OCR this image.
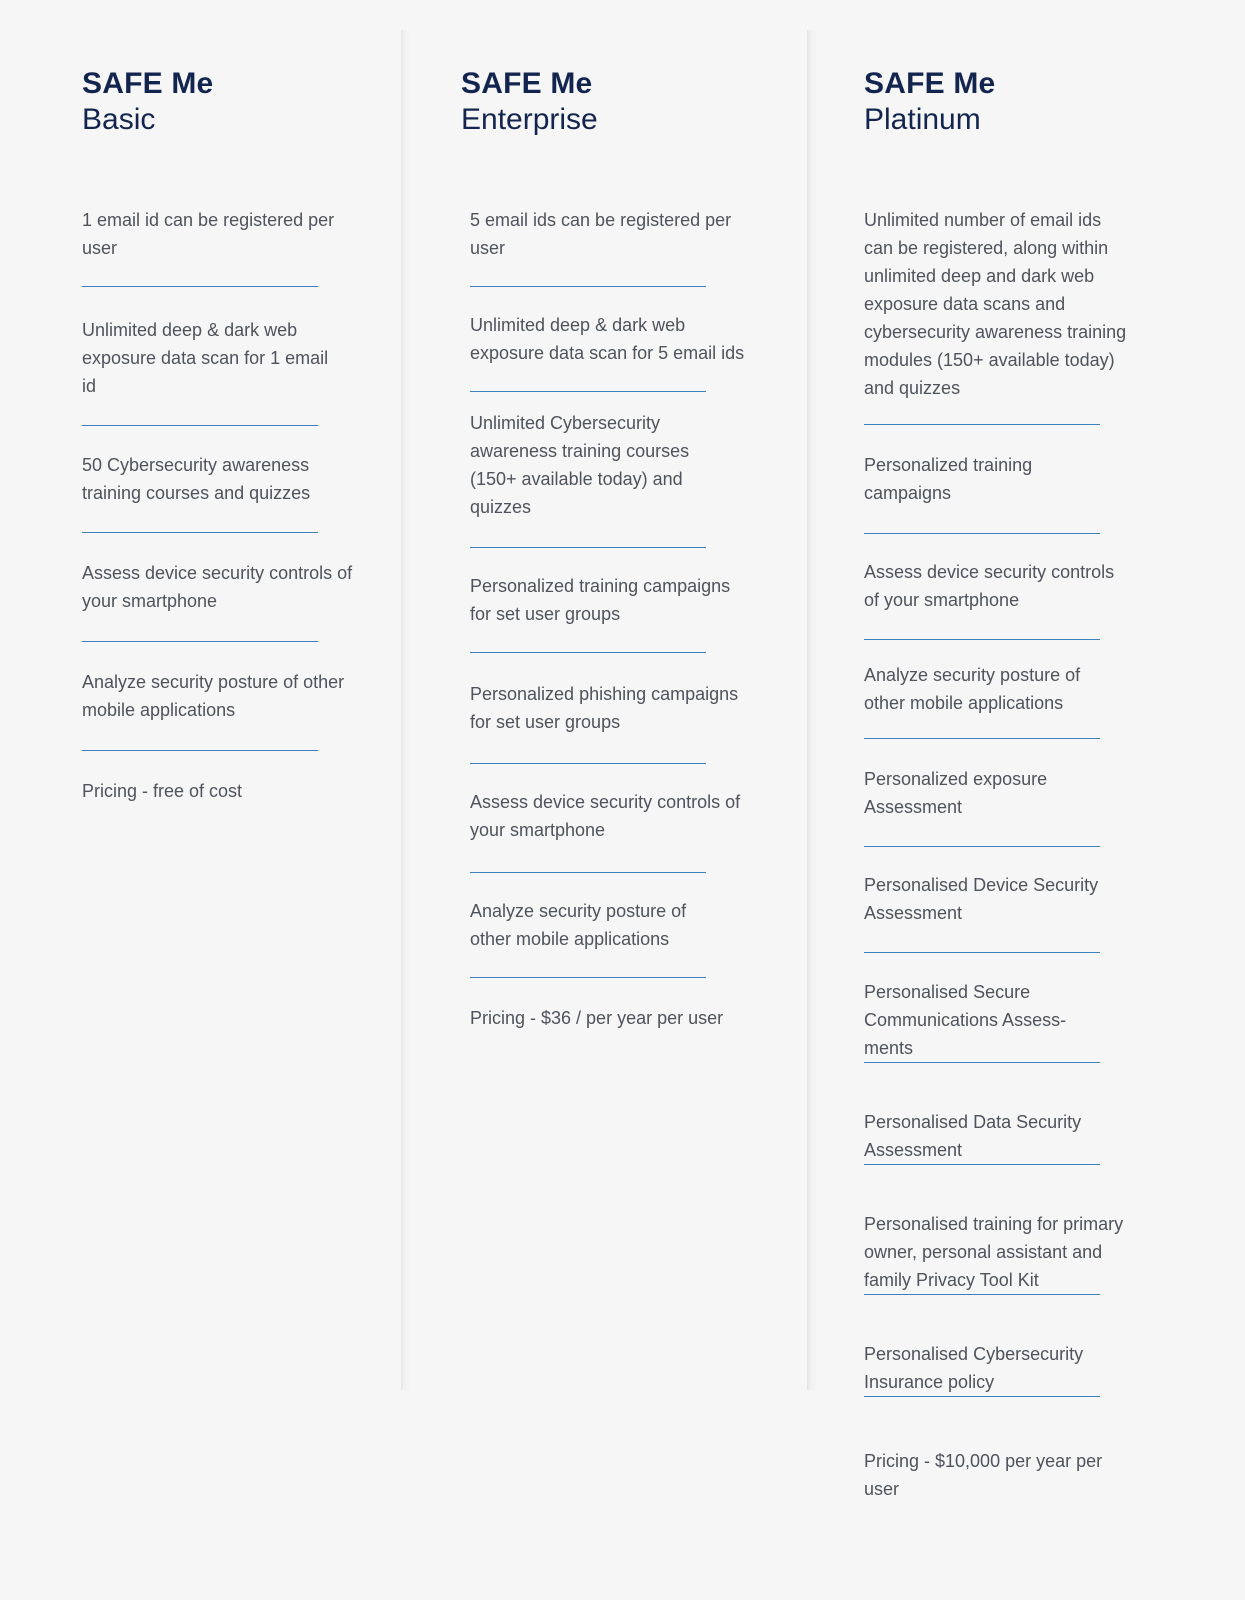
SAFE Me
Basic
1 email id can be registered per user
Unlimited deep & dark web exposure data scan for 1 email id
50 Cybersecurity awareness training courses and quizzes
Assess device security controls of your smartphone
Analyze security posture of other mobile applications
Pricing - free of cost
SAFE Me
Enterprise
5 email ids can be registered per user
Unlimited deep & dark web exposure data scan for 5 email ids
Unlimited Cybersecurity awareness training courses (150+ available today) and quizzes
Personalized training campaigns for set user groups
Personalized phishing campaigns for set user groups
Assess device security controls of your smartphone
Analyze security posture of other mobile applications
Pricing - $36 / per year per user
SAFE Me
Platinum
Unlimited number of email ids can be registered, along within unlimited deep and dark web exposure data scans and cybersecurity awareness training modules (150+ available today) and quizzes
Personalized training campaigns
Assess device security controls of your smartphone
Analyze security posture of other mobile applications
Personalized exposure Assessment
Personalised Device Security Assessment
Personalised Secure Communications Assess- ments
Personalised Data Security Assessment
Personalised training for primary owner, personal assistant and family Privacy Tool Kit
Personalised Cybersecurity Insurance policy
Pricing - $10,000 per year per user
